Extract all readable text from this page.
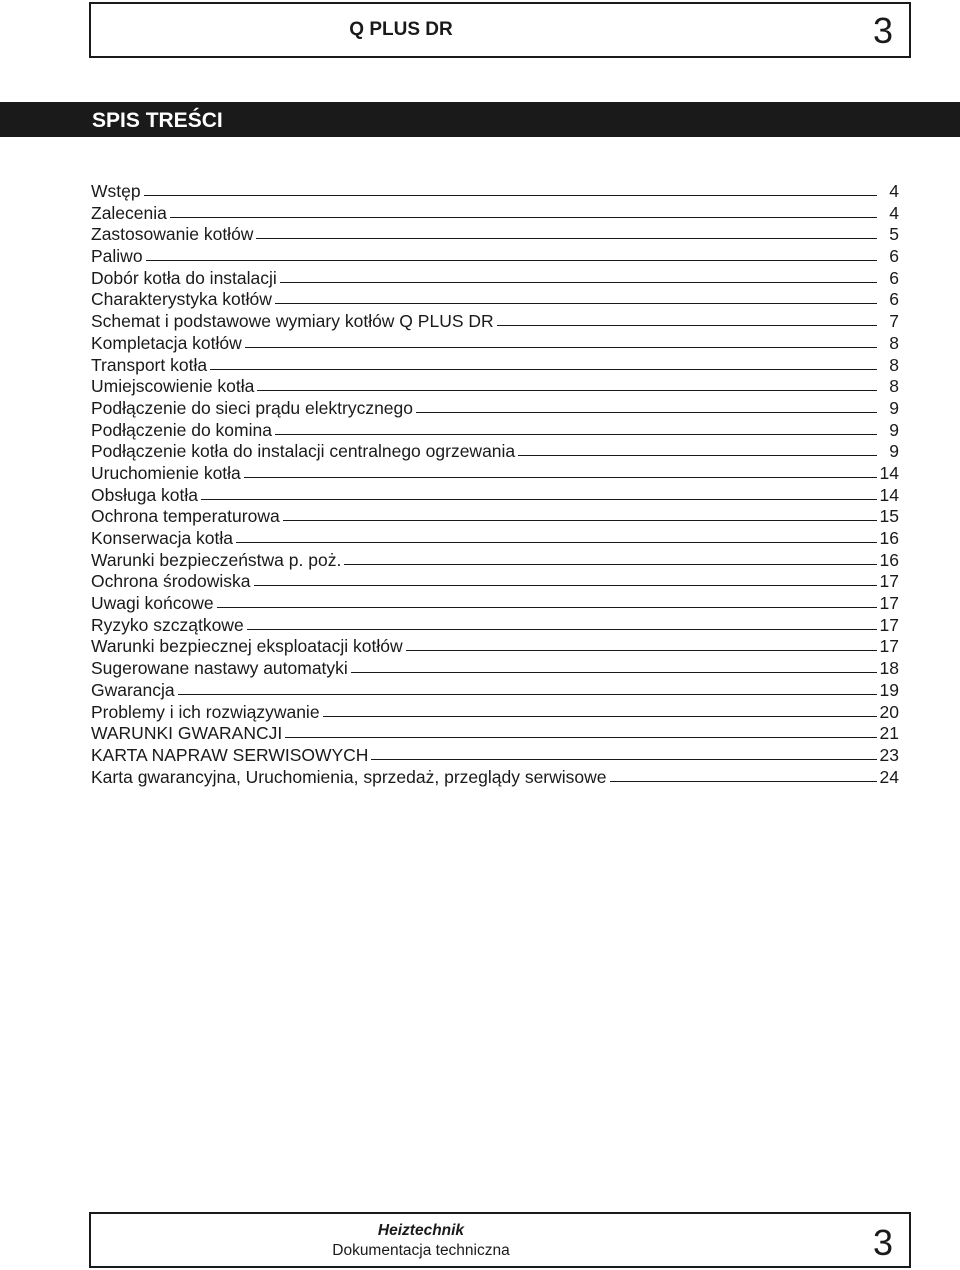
Q PLUS DR	3
SPIS TREŚCI
Wstęp	4
Zalecenia	4
Zastosowanie kotłów	5
Paliwo	6
Dobór kotła do instalacji	6
Charakterystyka kotłów	6
Schemat i podstawowe wymiary kotłów Q PLUS DR	7
Kompletacja kotłów	8
Transport kotła	8
Umiejscowienie kotła	8
Podłączenie do sieci prądu elektrycznego	9
Podłączenie do komina	9
Podłączenie kotła do instalacji centralnego ogrzewania	9
Uruchomienie kotła	14
Obsługa kotła	14
Ochrona temperaturowa	15
Konserwacja kotła	16
Warunki bezpieczeństwa p. poż.	16
Ochrona środowiska	17
Uwagi końcowe	17
Ryzyko szczątkowe	17
Warunki bezpiecznej eksploatacji kotłów	17
Sugerowane nastawy automatyki	18
Gwarancja	19
Problemy i ich rozwiązywanie	20
WARUNKI GWARANCJI	21
KARTA NAPRAW SERWISOWYCH	23
Karta gwarancyjna, Uruchomienia, sprzedaż, przeglądy serwisowe	24
Heiztechnik
Dokumentacja techniczna	3
